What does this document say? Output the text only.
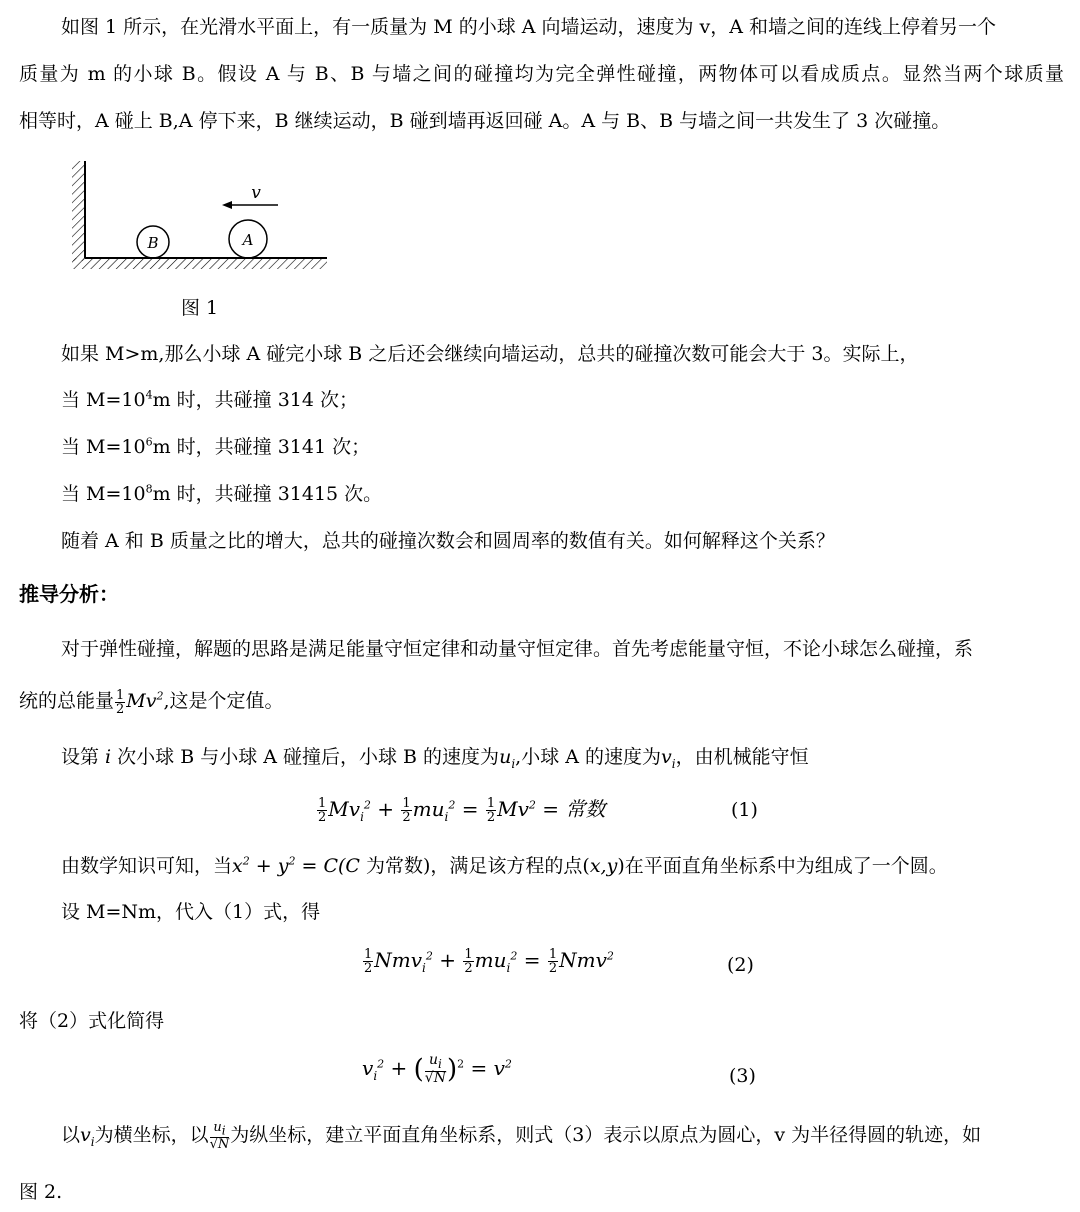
如图 1 所示，在光滑水平面上，有一质量为 M 的小球 A 向墙运动，速度为 v，A 和墙之间的连线上停着另一个
质量为 m 的小球 B。假设 A 与 B、B 与墙之间的碰撞均为完全弹性碰撞，两物体可以看成质点。显然当两个球质量
相等时，A 碰上 B,A 停下来，B 继续运动，B 碰到墙再返回碰 A。A 与 B、B 与墙之间一共发生了 3 次碰撞。
B	A
v
图 1
如果 M>m,那么小球 A 碰完小球 B 之后还会继续向墙运动，总共的碰撞次数可能会大于 3。实际上，
当 $M=10^4m$ 时，共碰撞 314 次；
当 $M=10^6m$ 时，共碰撞 3141 次；
当 $M=10^8m$ 时，共碰撞 31415 次。
随着 A 和 B 质量之比的增大，总共的碰撞次数会和圆周率的数值有关。如何解释这个关系？
推导分析：
对于弹性碰撞，解题的思路是满足能量守恒定律和动量守恒定律。首先考虑能量守恒，不论小球怎么碰撞，系
统的总能量 $\frac{1}{2} Mv^2$,这是个定值。
设第 i 次小球 B 与小球 A 碰撞后，小球 B 的速度为$u_i$,小球 A 的速度为$v_i$，由机械能守恒
$\frac{1}{2} Mv_i^2 + \frac{1}{2} mu_i^2 = \frac{1}{2} Mv^2$ = 常数	(1)
由数学知识可知，当$x^2 + y^2 = C(C$ 为常数)，满足该方程的点(x,y)在平面直角坐标系中为组成了一个圆。
设 M=Nm，代入（1）式，得
$\frac{1}{2} Nmv_i^2 + \frac{1}{2} mu_i^2 = \frac{1}{2} Nmv^2$	(2)
将（2）式化简得
$v_i^2$ + ( $\frac{u_i}{√N} )^2 = v^2$
(3)
以$v_i$为横坐标，以 $\frac{u_i}{√N}$ 为纵坐标，建立平面直角坐标系，则式（3）表示以原点为圆心，v 为半径得圆的轨迹，如
图 2.
